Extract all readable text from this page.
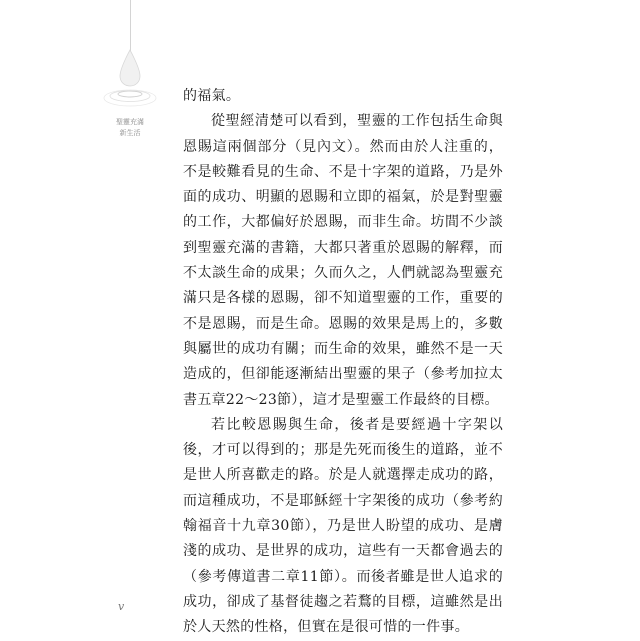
聖靈充滿
新生活

的福氣。

從聖經清楚可以看到，聖靈的工作包括生命與恩賜這兩個部分（見內文）。然而由於人注重的，不是較難看見的生命、不是十字架的道路，乃是外面的成功、明顯的恩賜和立即的福氣，於是對聖靈的工作，大都偏好於恩賜，而非生命。坊間不少談到聖靈充滿的書籍，大都只著重於恩賜的解釋，而不太談生命的成果；久而久之，人們就認為聖靈充滿只是各樣的恩賜，卻不知道聖靈的工作，重要的不是恩賜，而是生命。恩賜的效果是馬上的，多數與屬世的成功有關；而生命的效果，雖然不是一天造成的，但卻能逐漸結出聖靈的果子（參考加拉太書五章22～23節），這才是聖靈工作最終的目標。

若比較恩賜與生命，後者是要經過十字架以後，才可以得到的；那是先死而後生的道路，並不是世人所喜歡走的路。於是人就選擇走成功的路，而這種成功，不是耶穌經十字架後的成功（參考約翰福音十九章30節），乃是世人盼望的成功、是膚淺的成功、是世界的成功，這些有一天都會過去的（參考傳道書二章11節）。而後者雖是世人追求的成功，卻成了基督徒趨之若鶩的目標，這雖然是出於人天然的性格，但實在是很可惜的一件事。

v
